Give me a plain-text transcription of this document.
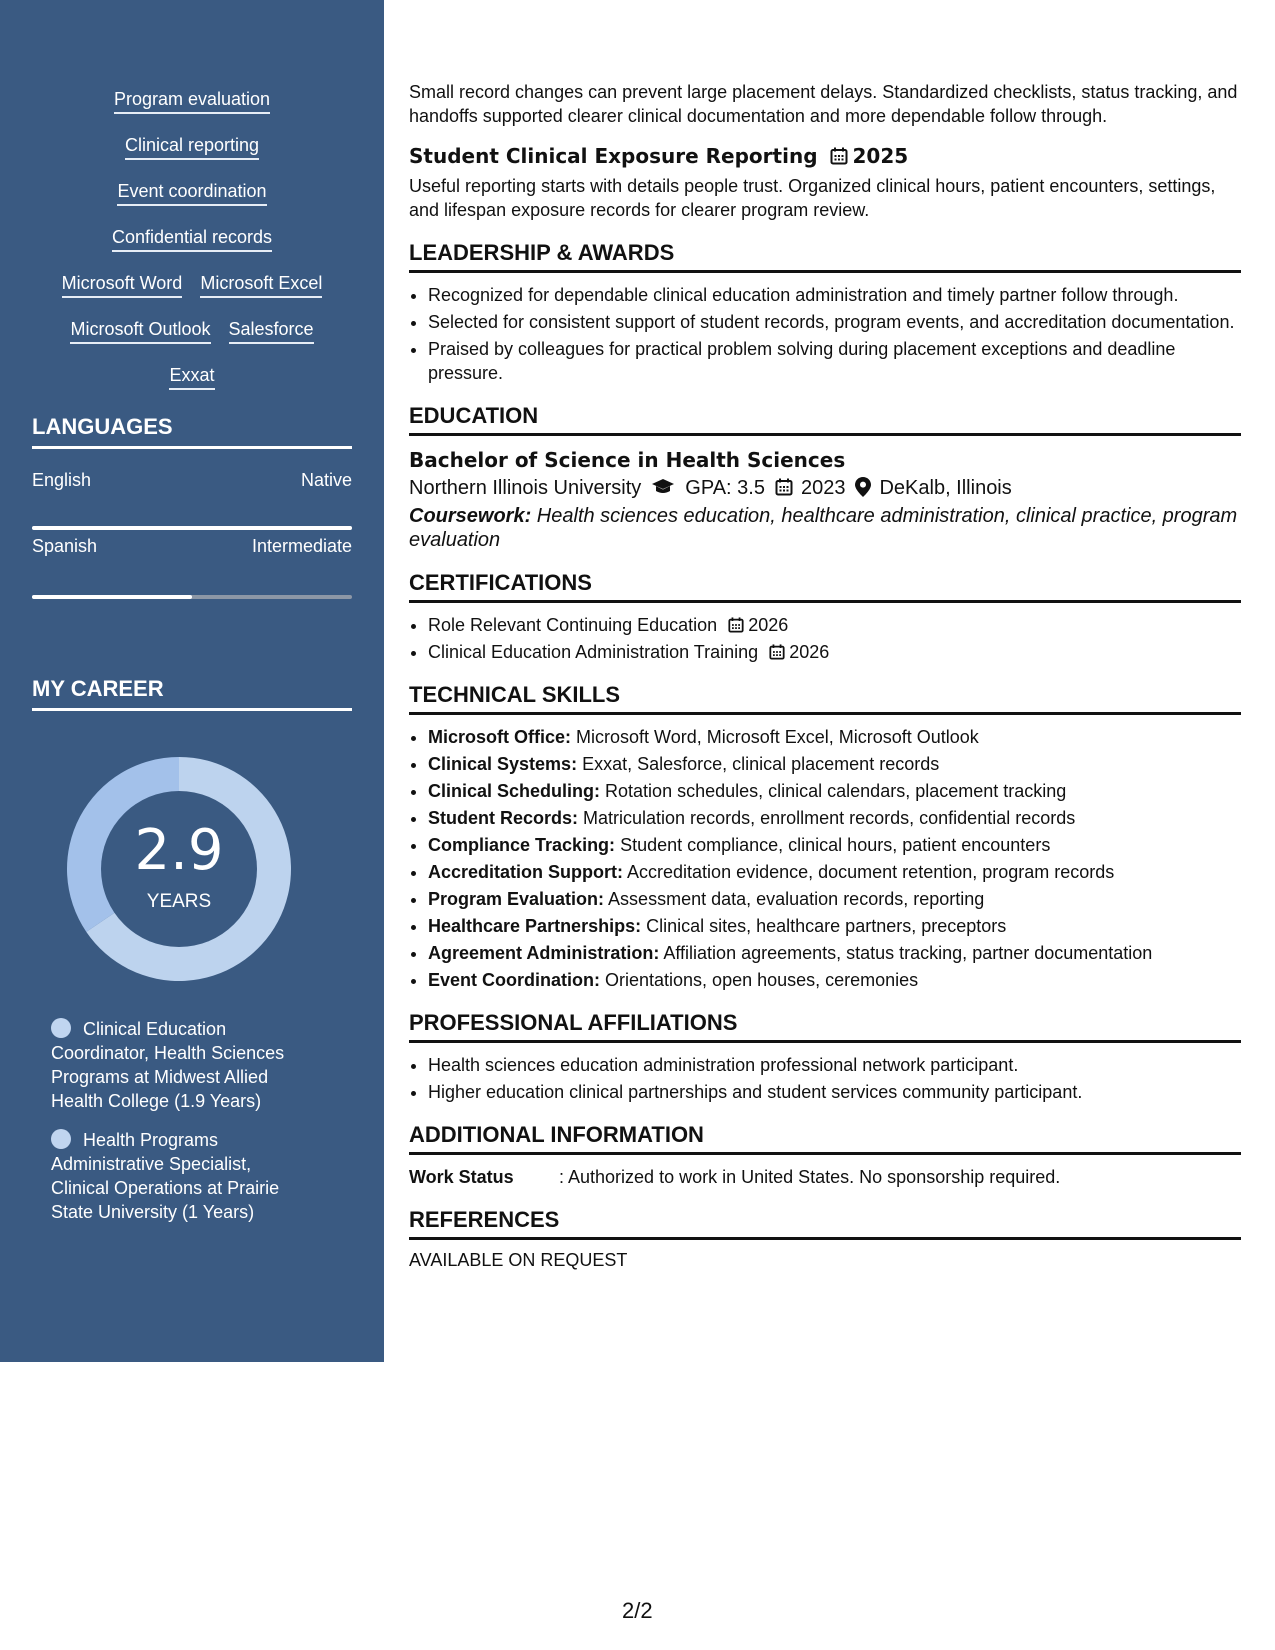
Program evaluation
Clinical reporting
Event coordination
Confidential records
Microsoft Word Microsoft Excel
Microsoft Outlook Salesforce
Exxat
LANGUAGES
English	Native
Spanish	Intermediate
MY CAREER
2.9
YEARS
Clinical Education Coordinator, Health Sciences Programs at Midwest Allied Health College (1.9 Years)
Health Programs Administrative Specialist, Clinical Operations at Prairie State University (1 Years)

Small record changes can prevent large placement delays. Standardized checklists, status tracking, and handoffs supported clearer clinical documentation and more dependable follow through.

Student Clinical Exposure Reporting 2025

Useful reporting starts with details people trust. Organized clinical hours, patient encounters, settings, and lifespan exposure records for clearer program review.

LEADERSHIP & AWARDS
• Recognized for dependable clinical education administration and timely partner follow through.
• Selected for consistent support of student records, program events, and accreditation documentation.
• Praised by colleagues for practical problem solving during placement exceptions and deadline pressure.
EDUCATION
Bachelor of Science in Health Sciences
Northern Illinois University GPA: 3.5 2023 DeKalb, Illinois
Coursework: Health sciences education, healthcare administration, clinical practice, program evaluation
CERTIFICATIONS
• Role Relevant Continuing Education 2026
• Clinical Education Administration Training 2026
TECHNICAL SKILLS
• Microsoft Office: Microsoft Word, Microsoft Excel, Microsoft Outlook
• Clinical Systems: Exxat, Salesforce, clinical placement records
• Clinical Scheduling: Rotation schedules, clinical calendars, placement tracking
• Student Records: Matriculation records, enrollment records, confidential records
• Compliance Tracking: Student compliance, clinical hours, patient encounters
• Accreditation Support: Accreditation evidence, document retention, program records
• Program Evaluation: Assessment data, evaluation records, reporting
• Healthcare Partnerships: Clinical sites, healthcare partners, preceptors
• Agreement Administration: Affiliation agreements, status tracking, partner documentation
• Event Coordination: Orientations, open houses, ceremonies
PROFESSIONAL AFFILIATIONS
• Health sciences education administration professional network participant.
• Higher education clinical partnerships and student services community participant.
ADDITIONAL INFORMATION
Work Status	: Authorized to work in United States. No sponsorship required.
REFERENCES
AVAILABLE ON REQUEST
2/2
